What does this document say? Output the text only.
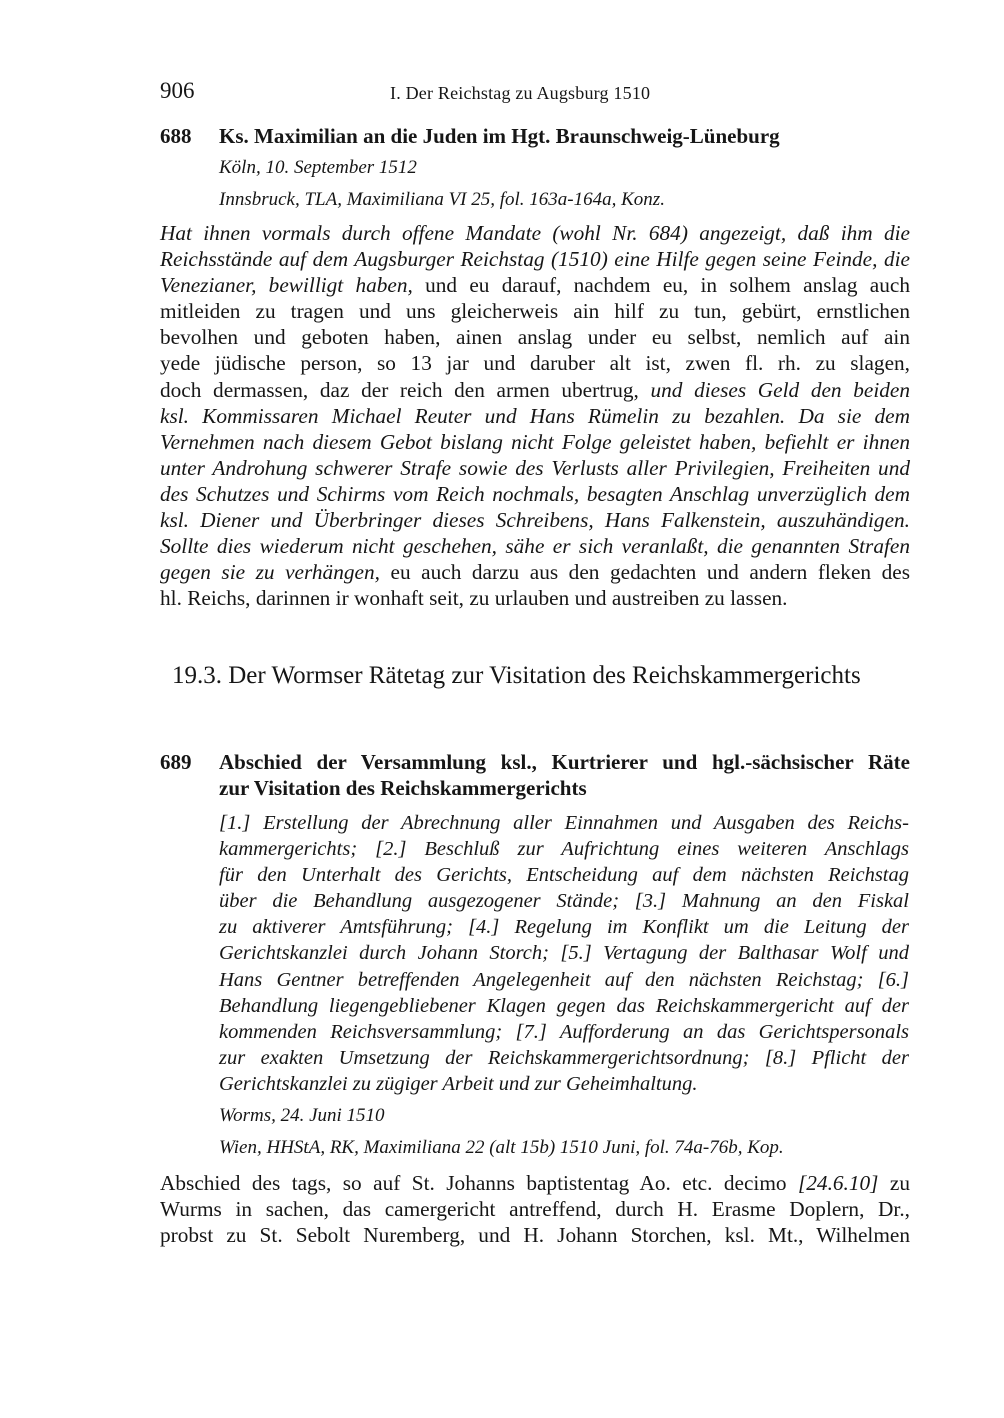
906	I. Der Reichstag zu Augsburg 1510
688 Ks. Maximilian an die Juden im Hgt. Braunschweig-Lüneburg
Köln, 10. September 1512
Innsbruck, TLA, Maximiliana VI 25, fol. 163a-164a, Konz.
Hat ihnen vormals durch offene Mandate (wohl Nr. 684) angezeigt, daß ihm die
Reichsstände auf dem Augsburger Reichstag (1510) eine Hilfe gegen seine Feinde, die
Venezianer, bewilligt haben, und eu darauf, nachdem eu, in solhem anslag auch
mitleiden zu tragen und uns gleicherweis ain hilf zu tun, gebürt, ernstlichen
bevolhen und geboten haben, ainen anslag under eu selbst, nemlich auf ain
yede jüdische person, so 13 jar und daruber alt ist, zwen fl. rh. zu slagen,
doch dermassen, daz der reich den armen ubertrug, und dieses Geld den beiden
ksl. Kommissaren Michael Reuter und Hans Rümelin zu bezahlen. Da sie dem
Vernehmen nach diesem Gebot bislang nicht Folge geleistet haben, befiehlt er ihnen
unter Androhung schwerer Strafe sowie des Verlusts aller Privilegien, Freiheiten und
des Schutzes und Schirms vom Reich nochmals, besagten Anschlag unverzüglich dem
ksl. Diener und Überbringer dieses Schreibens, Hans Falkenstein, auszuhändigen.
Sollte dies wiederum nicht geschehen, sähe er sich veranlaßt, die genannten Strafen
gegen sie zu verhängen, eu auch darzu aus den gedachten und andern fleken des
hl. Reichs, darinnen ir wonhaft seit, zu urlauben und austreiben zu lassen.
19.3. Der Wormser Rätetag zur Visitation des Reichskammergerichts
689 Abschied der Versammlung ksl., Kurtrierer und hgl.-sächsischer Räte
zur Visitation des Reichskammergerichts
[1.] Erstellung der Abrechnung aller Einnahmen und Ausgaben des Reichs-
kammergerichts; [2.] Beschluß zur Aufrichtung eines weiteren Anschlags
für den Unterhalt des Gerichts, Entscheidung auf dem nächsten Reichstag
über die Behandlung ausgezogener Stände; [3.] Mahnung an den Fiskal
zu aktiverer Amtsführung; [4.] Regelung im Konflikt um die Leitung der
Gerichtskanzlei durch Johann Storch; [5.] Vertagung der Balthasar Wolf und
Hans Gentner betreffenden Angelegenheit auf den nächsten Reichstag; [6.]
Behandlung liegengebliebener Klagen gegen das Reichskammergericht auf der
kommenden Reichsversammlung; [7.] Aufforderung an das Gerichtspersonals
zur exakten Umsetzung der Reichskammergerichtsordnung; [8.] Pflicht der
Gerichtskanzlei zu zügiger Arbeit und zur Geheimhaltung.
Worms, 24. Juni 1510
Wien, HHStA, RK, Maximiliana 22 (alt 15b) 1510 Juni, fol. 74a-76b, Kop.
Abschied des tags, so auf St. Johanns baptistentag Ao. etc. decimo [24.6.10] zu
Wurms in sachen, das camergericht antreffend, durch H. Erasme Doplern, Dr.,
probst zu St. Sebolt Nuremberg, und H. Johann Storchen, ksl. Mt., Wilhelmen
